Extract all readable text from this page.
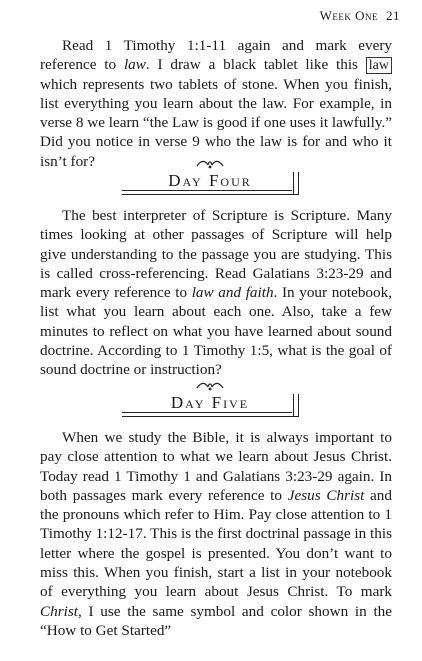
Week One 21

Read 1 Timothy 1:1-11 again and mark every reference to law. I draw a black tablet like this law which represents two tablets of stone. When you finish, list everything you learn about the law. For example, in verse 8 we learn “the Law is good if one uses it lawfully.” Did you notice in verse 9 who the law is for and who it isn’t for?

Day Four

The best interpreter of Scripture is Scripture. Many times looking at other passages of Scripture will help give understanding to the passage you are studying. This is called cross-referencing. Read Galatians 3:23-29 and mark every reference to law and faith. In your notebook, list what you learn about each one. Also, take a few minutes to reflect on what you have learned about sound doctrine. According to 1 Timothy 1:5, what is the goal of sound doctrine or instruction?

Day Five

When we study the Bible, it is always important to pay close attention to what we learn about Jesus Christ. Today read 1 Timothy 1 and Galatians 3:23-29 again. In both passages mark every reference to Jesus Christ and the pronouns which refer to Him. Pay close attention to 1 Timothy 1:12-17. This is the first doctrinal passage in this letter where the gospel is presented. You don’t want to miss this. When you finish, start a list in your notebook of everything you learn about Jesus Christ. To mark Christ, I use the same symbol and color shown in the “How to Get Started”
